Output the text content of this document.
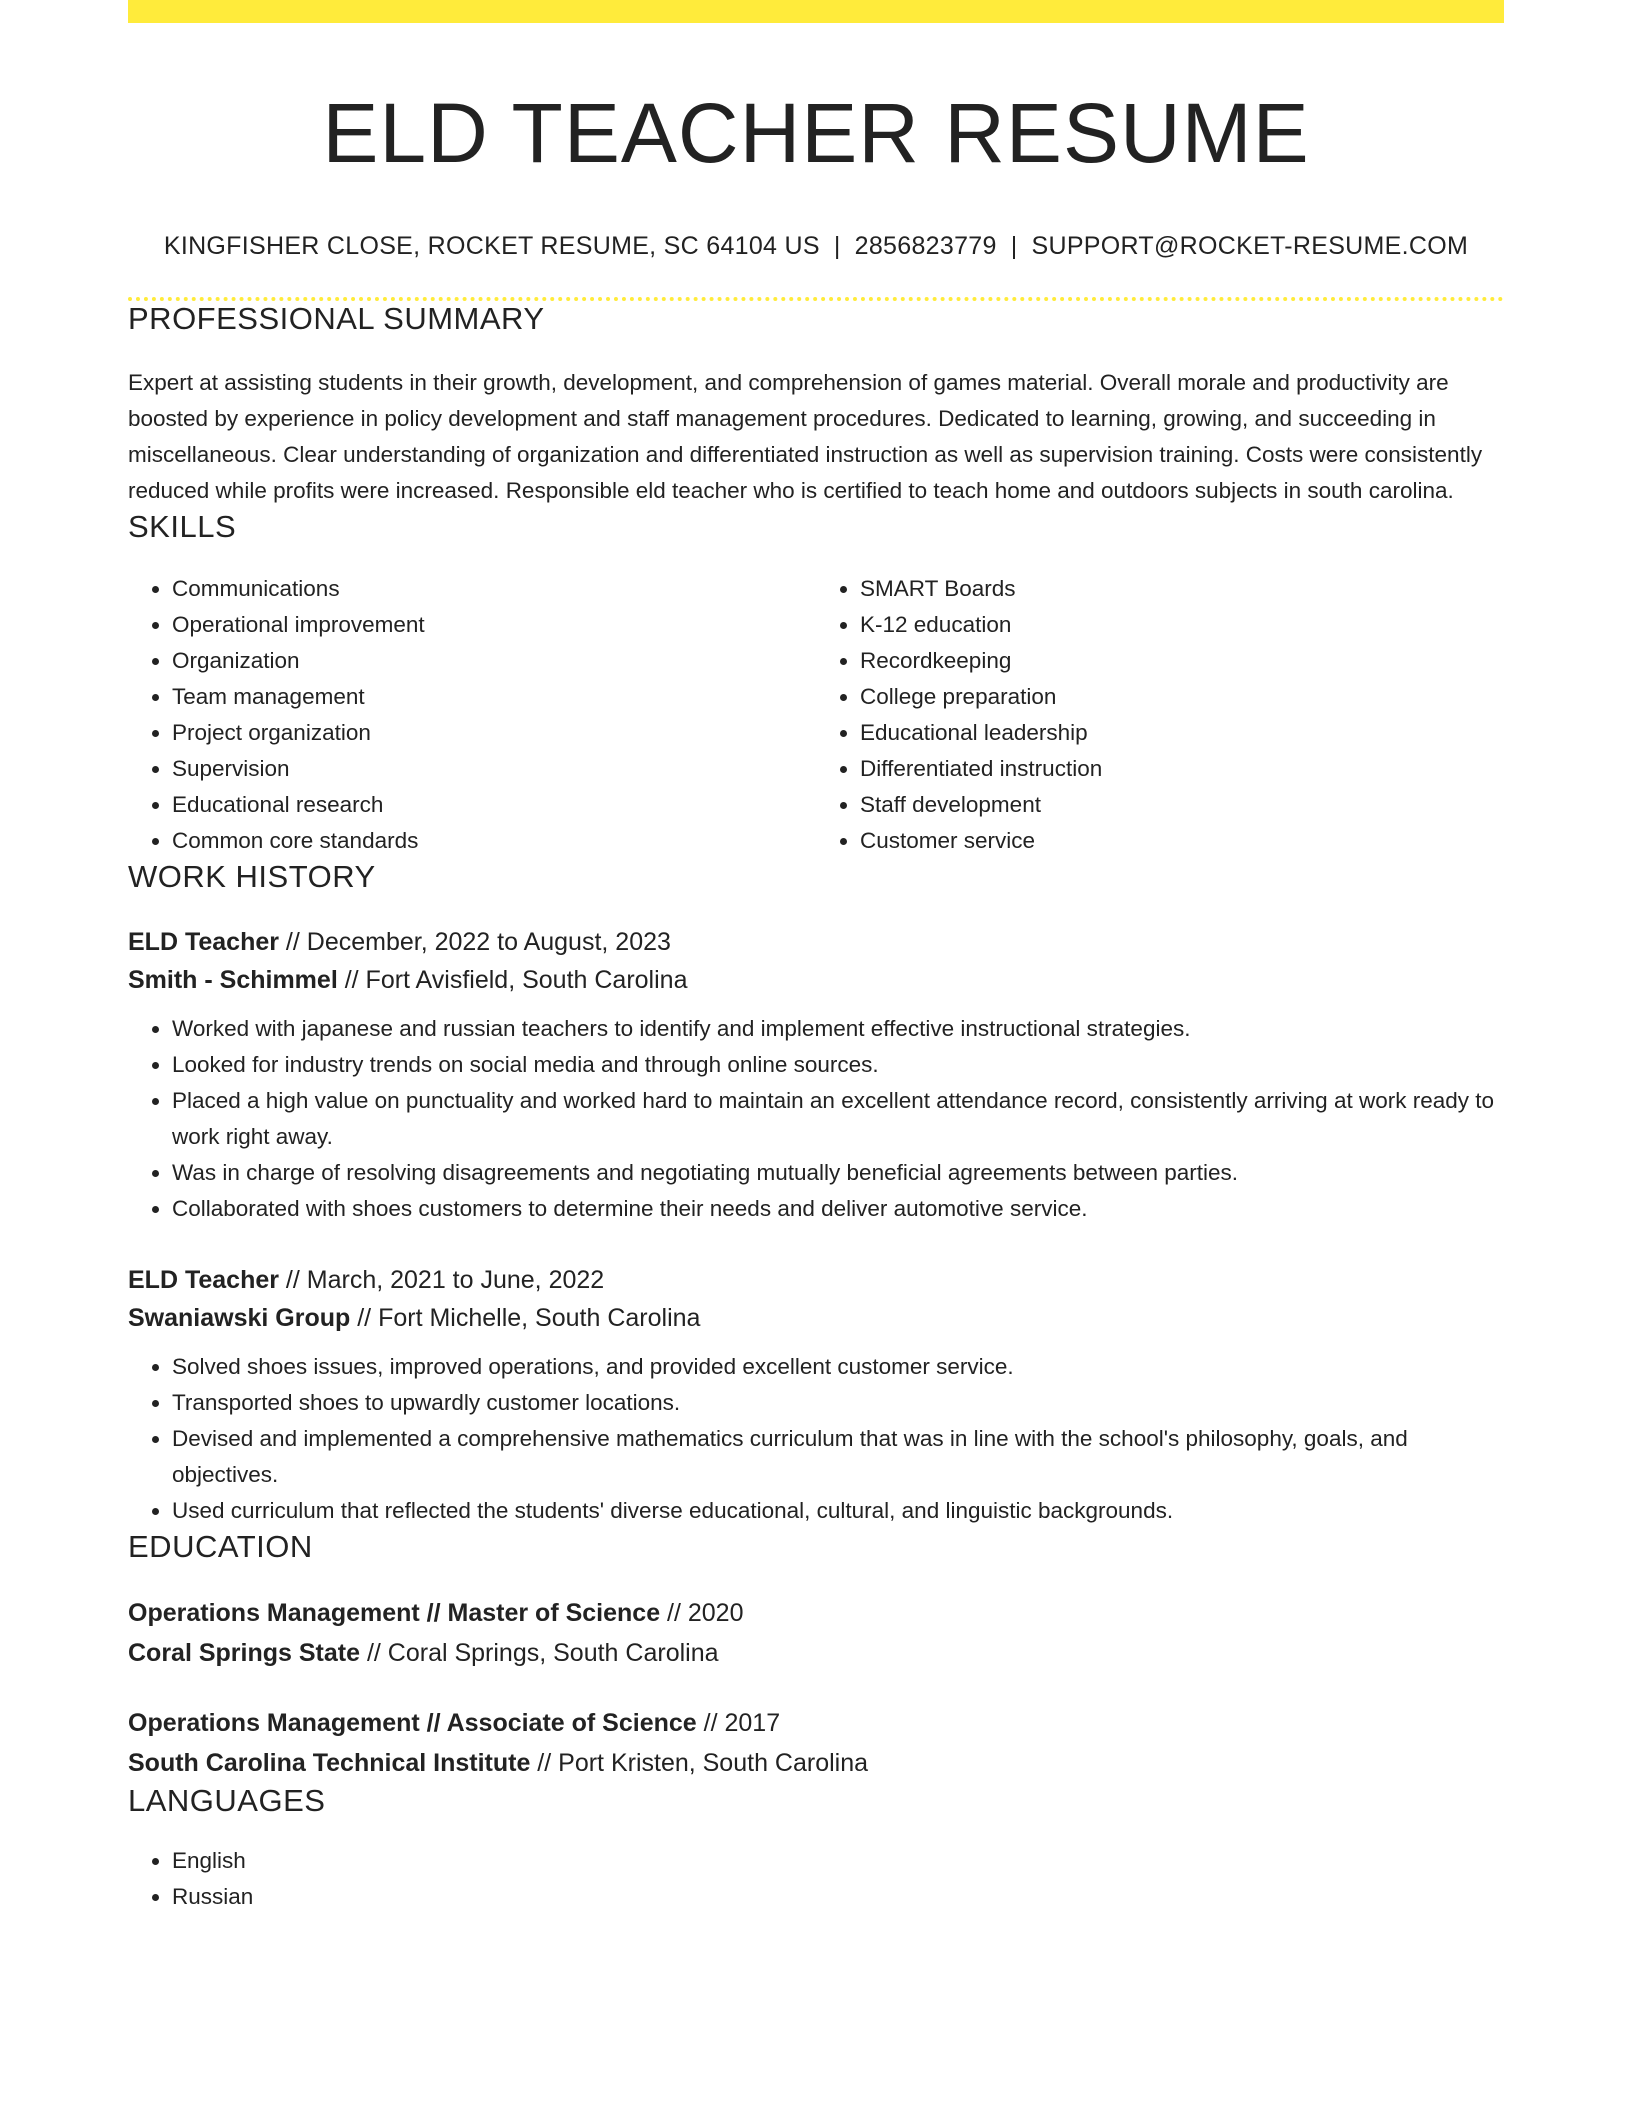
ELD TEACHER RESUME
KINGFISHER CLOSE, ROCKET RESUME, SC 64104 US | 2856823779 | SUPPORT@ROCKET-RESUME.COM
PROFESSIONAL SUMMARY

Expert at assisting students in their growth, development, and comprehension of games material. Overall morale and productivity are boosted by experience in policy development and staff management procedures. Dedicated to learning, growing, and succeeding in miscellaneous. Clear understanding of organization and differentiated instruction as well as supervision training. Costs were consistently reduced while profits were increased. Responsible eld teacher who is certified to teach home and outdoors subjects in south carolina.

SKILLS
• Communications
• Operational improvement
• Organization
• Team management
• Project organization
• Supervision
• Educational research
• Common core standards
• SMART Boards
• K-12 education
• Recordkeeping
• College preparation
• Educational leadership
• Differentiated instruction
• Staff development
• Customer service
WORK HISTORY
ELD Teacher // December, 2022 to August, 2023
Smith - Schimmel // Fort Avisfield, South Carolina
• Worked with japanese and russian teachers to identify and implement effective instructional strategies.
• Looked for industry trends on social media and through online sources.
• Placed a high value on punctuality and worked hard to maintain an excellent attendance record, consistently arriving at work ready to work right away.
• Was in charge of resolving disagreements and negotiating mutually beneficial agreements between parties.
• Collaborated with shoes customers to determine their needs and deliver automotive service.
ELD Teacher // March, 2021 to June, 2022
Swaniawski Group // Fort Michelle, South Carolina
• Solved shoes issues, improved operations, and provided excellent customer service.
• Transported shoes to upwardly customer locations.
• Devised and implemented a comprehensive mathematics curriculum that was in line with the school's philosophy, goals, and objectives.
• Used curriculum that reflected the students' diverse educational, cultural, and linguistic backgrounds.
EDUCATION
Operations Management // Master of Science // 2020
Coral Springs State // Coral Springs, South Carolina
Operations Management // Associate of Science // 2017
South Carolina Technical Institute // Port Kristen, South Carolina
LANGUAGES
• English
• Russian
